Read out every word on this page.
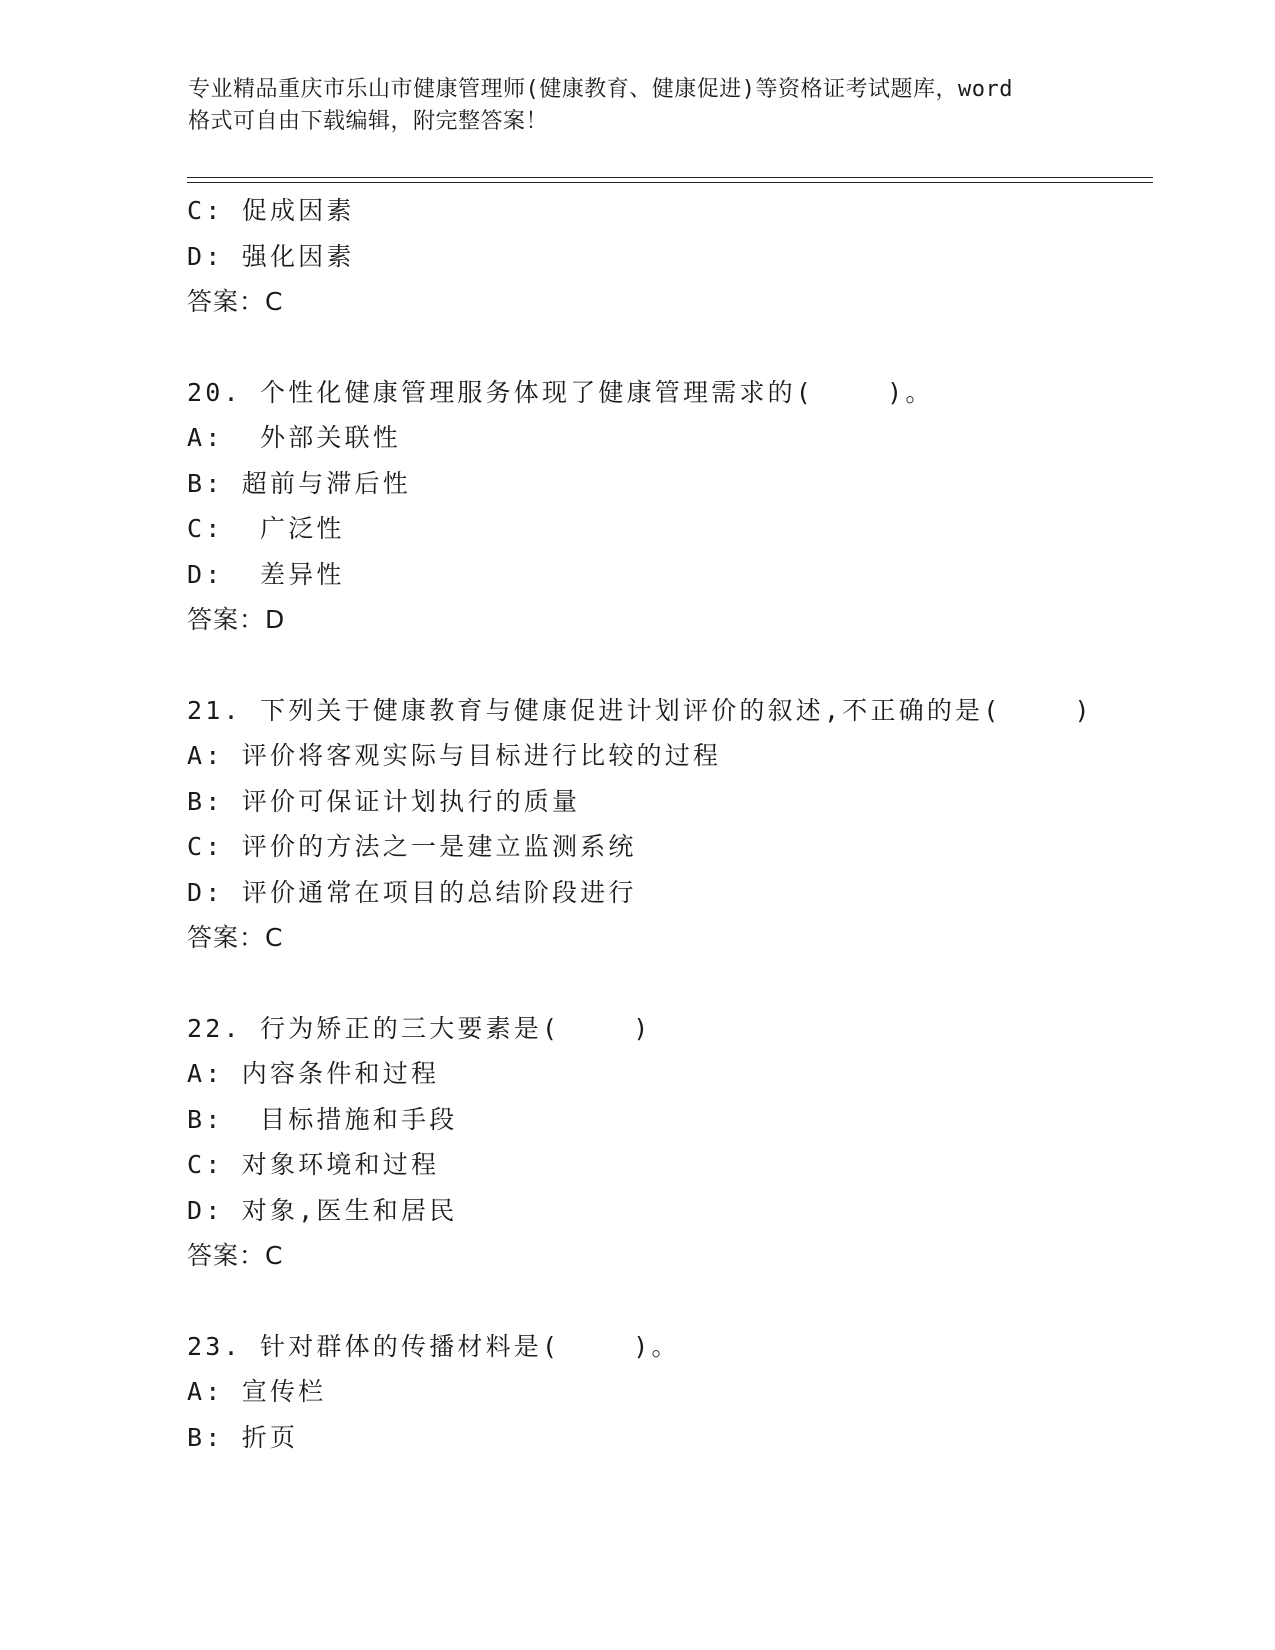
专业精品重庆市乐山市健康管理师(健康教育、健康促进)等资格证考试题库，word
格式可自由下载编辑，附完整答案！
C: 促成因素
D: 强化因素
答案：C
20. 个性化健康管理服务体现了健康管理需求的(    )。
A:  外部关联性
B: 超前与滞后性
C:  广泛性
D:  差异性
答案：D
21. 下列关于健康教育与健康促进计划评价的叙述,不正确的是(    )
A: 评价将客观实际与目标进行比较的过程
B: 评价可保证计划执行的质量
C: 评价的方法之一是建立监测系统
D: 评价通常在项目的总结阶段进行
答案：C
22. 行为矫正的三大要素是(    )
A: 内容条件和过程
B:  目标措施和手段
C: 对象环境和过程
D: 对象,医生和居民
答案：C
23. 针对群体的传播材料是(    )。
A: 宣传栏
B: 折页
